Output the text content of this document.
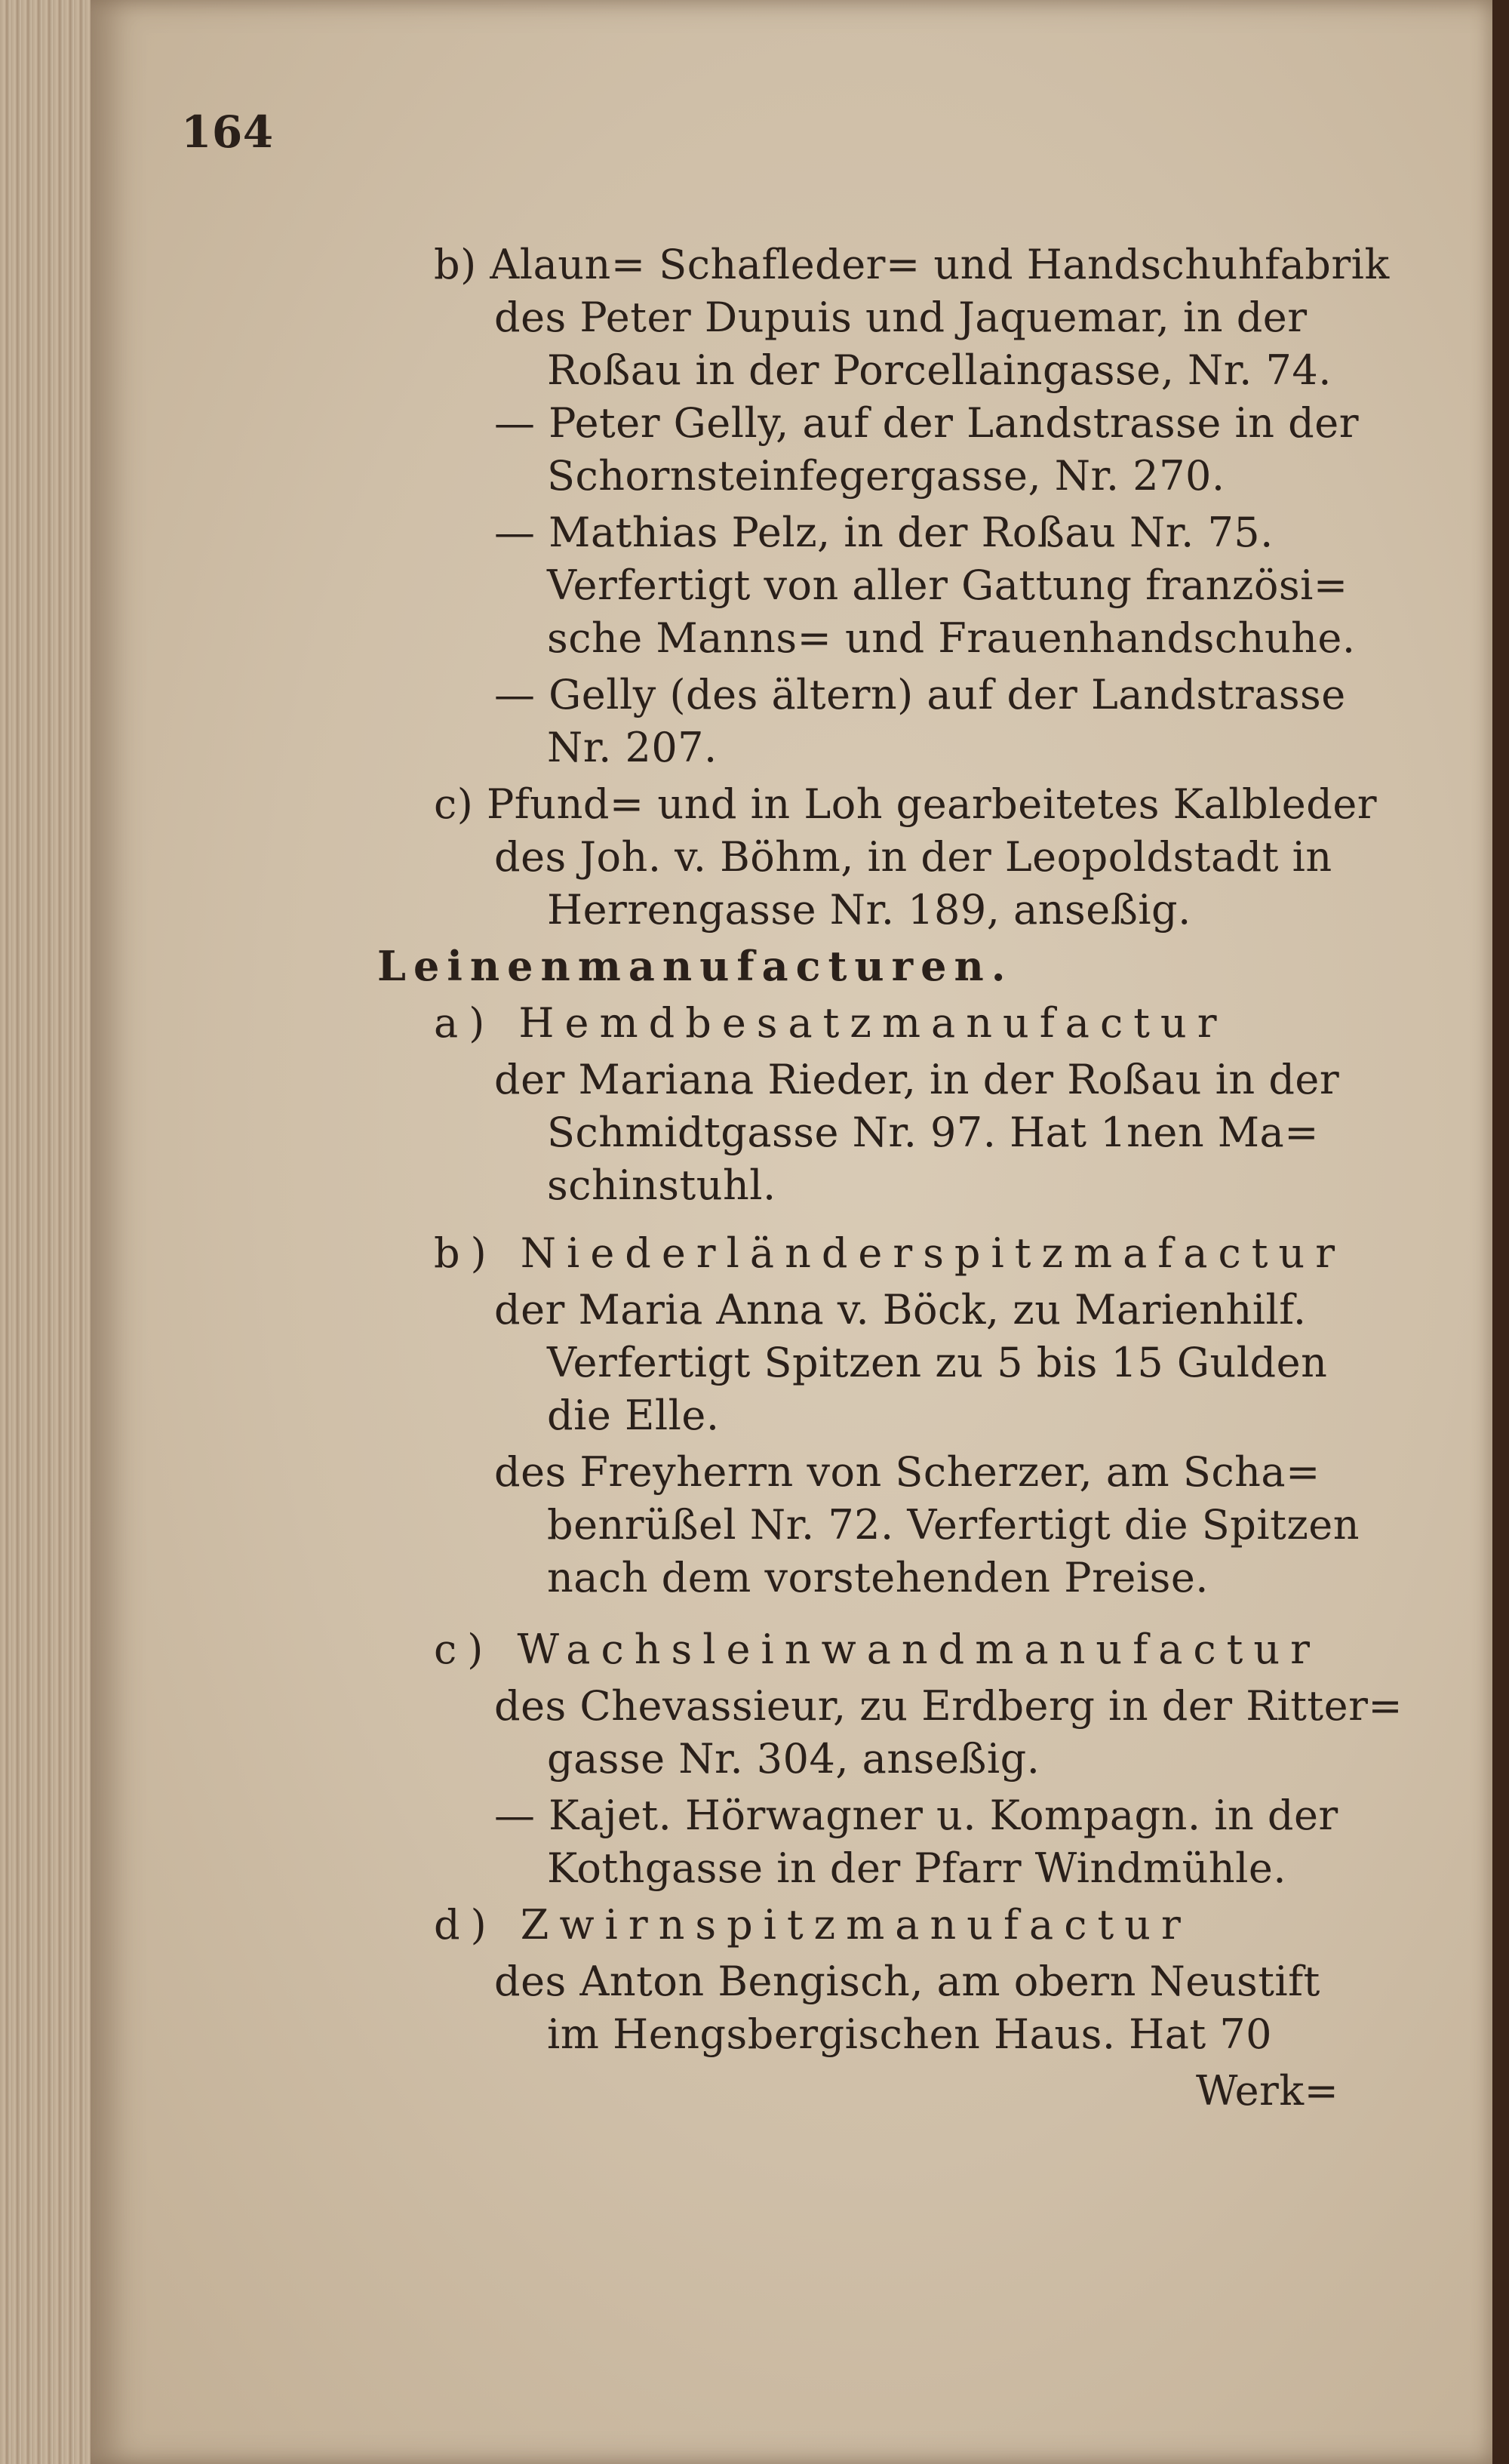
164
b) Alaun= Schafleder= und Handschuhfabrik
des Peter Dupuis und Jaquemar, in der
Roßau in der Porcellaingasse, Nr. 74.
— Peter Gelly, auf der Landstrasse in der
Schornsteinfegergasse, Nr. 270.
— Mathias Pelz, in der Roßau Nr. 75.
Verfertigt von aller Gattung französi=
sche Manns= und Frauenhandschuhe.
— Gelly (des ältern) auf der Landstrasse
Nr. 207.
c) Pfund= und in Loh gearbeitetes Kalbleder
des Joh. v. Böhm, in der Leopoldstadt in
Herrengasse Nr. 189, anseßig.
Leinenmanufacturen.
a) Hemdbesatzmanufactur
der Mariana Rieder, in der Roßau in der
Schmidtgasse Nr. 97. Hat 1nen Ma=
schinstuhl.
b) Niederländerspitzmafactur
der Maria Anna v. Böck, zu Marienhilf.
Verfertigt Spitzen zu 5 bis 15 Gulden
die Elle.
des Freyherrn von Scherzer, am Scha=
benrüßel Nr. 72. Verfertigt die Spitzen
nach dem vorstehenden Preise.
c) Wachsleinwandmanufactur
des Chevassieur, zu Erdberg in der Ritter=
gasse Nr. 304, anseßig.
— Kajet. Hörwagner u. Kompagn. in der
Kothgasse in der Pfarr Windmühle.
d) Zwirnspitzmanufactur
des Anton Bengisch, am obern Neustift
im Hengsbergischen Haus. Hat 70
Werk=
